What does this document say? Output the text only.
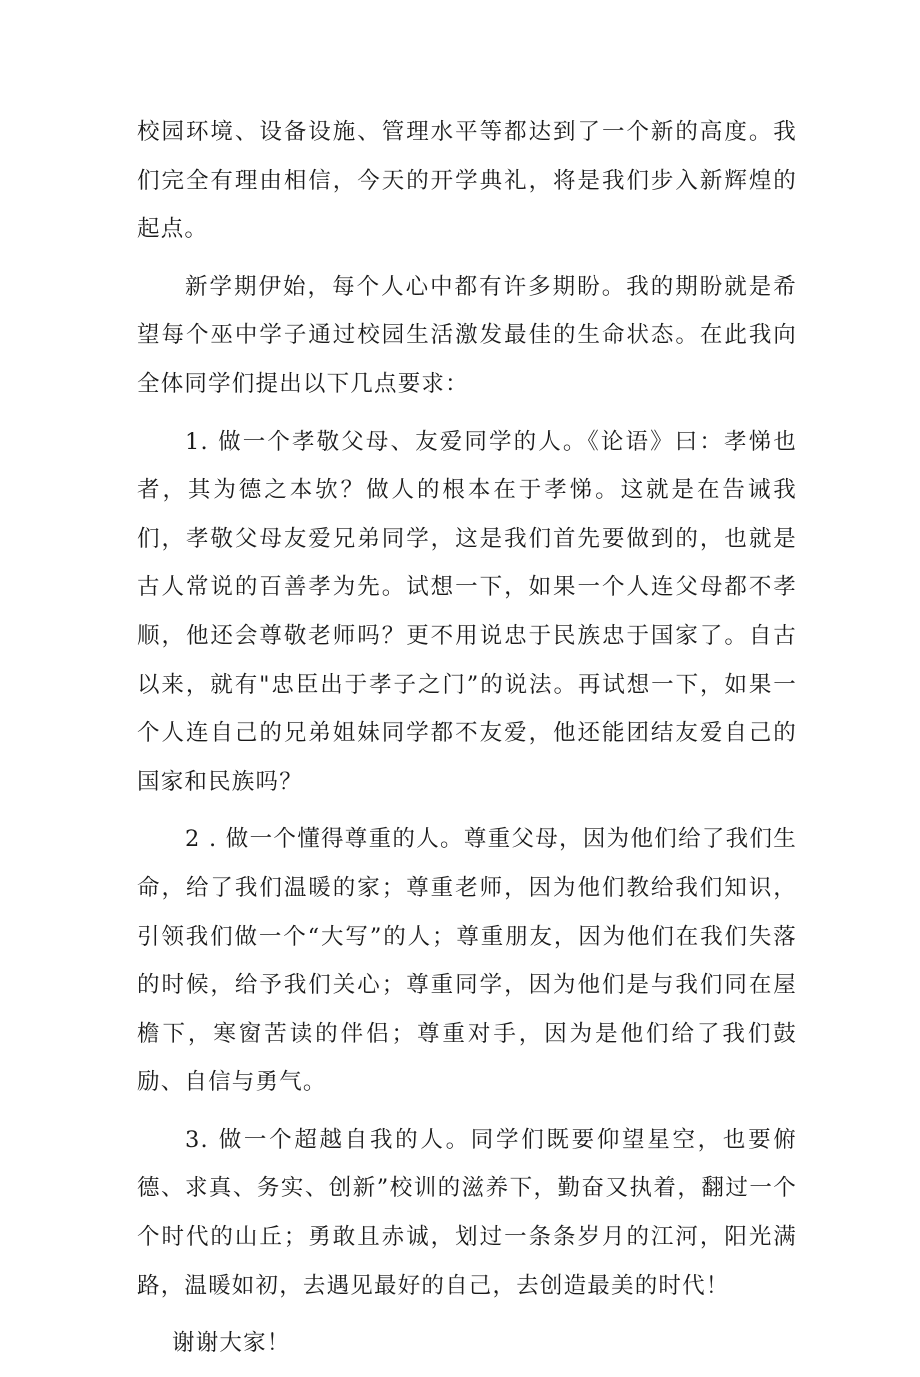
校园环境、设备设施、管理水平等都达到了一个新的高度。我们完全有理由相信，今天的开学典礼，将是我们步入新辉煌的起点。

新学期伊始，每个人心中都有许多期盼。我的期盼就是希望每个巫中学子通过校园生活激发最佳的生命状态。在此我向全体同学们提出以下几点要求：

1. 做一个孝敬父母、友爱同学的人。《论语》曰：孝悌也者，其为德之本欤？做人的根本在于孝悌。这就是在告诫我们，孝敬父母友爱兄弟同学，这是我们首先要做到的，也就是古人常说的百善孝为先。试想一下，如果一个人连父母都不孝顺，他还会尊敬老师吗？更不用说忠于民族忠于国家了。自古以来，就有"忠臣出于孝子之门”的说法。再试想一下，如果一个人连自己的兄弟姐妹同学都不友爱，他还能团结友爱自己的国家和民族吗？

2 . 做一个懂得尊重的人。尊重父母，因为他们给了我们生命，给了我们温暖的家；尊重老师，因为他们教给我们知识，引领我们做一个“大写”的人；尊重朋友，因为他们在我们失落的时候，给予我们关心；尊重同学，因为他们是与我们同在屋檐下，寒窗苦读的伴侣；尊重对手，因为是他们给了我们鼓励、自信与勇气。

3. 做一个超越自我的人。同学们既要仰望星空，也要俯德、求真、务实、创新”校训的滋养下，勤奋又执着，翻过一个个时代的山丘；勇敢且赤诚，划过一条条岁月的江河，阳光满路，温暖如初，去遇见最好的自己，去创造最美的时代！

谢谢大家！
